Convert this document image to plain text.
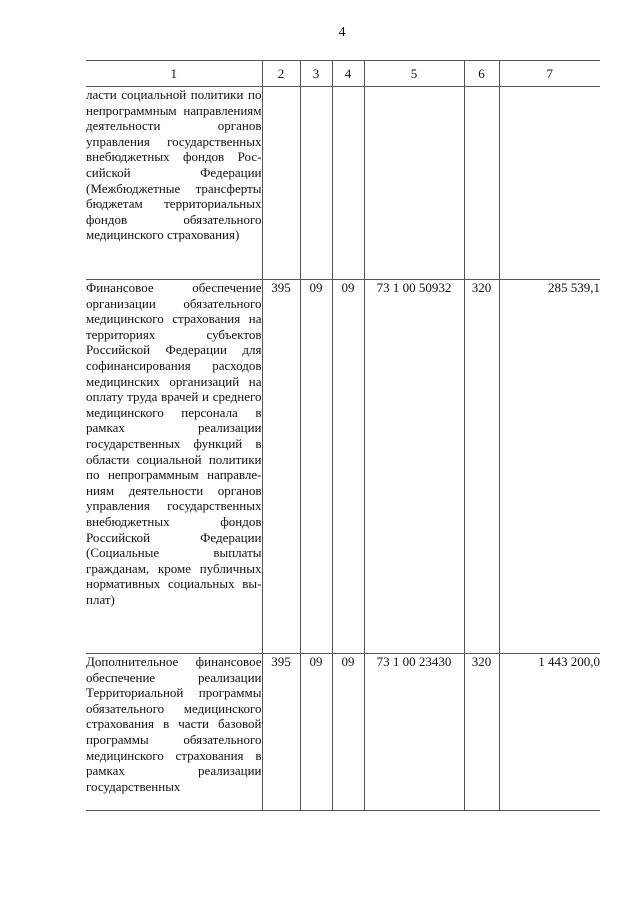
4
1	2	3	4	5	6	7
ласти социальной политики по непрограммным направлениям деятельности органов управления государственных внебюджетных фондов Российской Федерации (Межбюджетные трансферты бюджетам территориальных фондов обязательного медицинского страхования)						
Финансовое обеспечение организации обязательного медицинского страхования на территориях субъектов Российской Федерации для софинансирования расходов медицинских организаций на оплату труда врачей и среднего медицинского персонала в рамках реализации государственных функций в области социальной политики по непрограммным направлениям деятельности органов управления государственных внебюджетных фондов Российской Федерации (Социальные выплаты гражданам, кроме публичных нормативных социальных выплат)	395	09	09	73 1 00 50932	320	285 539,1
Дополнительное финансовое обеспечение реализации Территориальной программы обязательного медицинского страхования в части базовой программы обязательного медицинского страхования в рамках реализации государственных	395	09	09	73 1 00 23430	320	1 443 200,0
